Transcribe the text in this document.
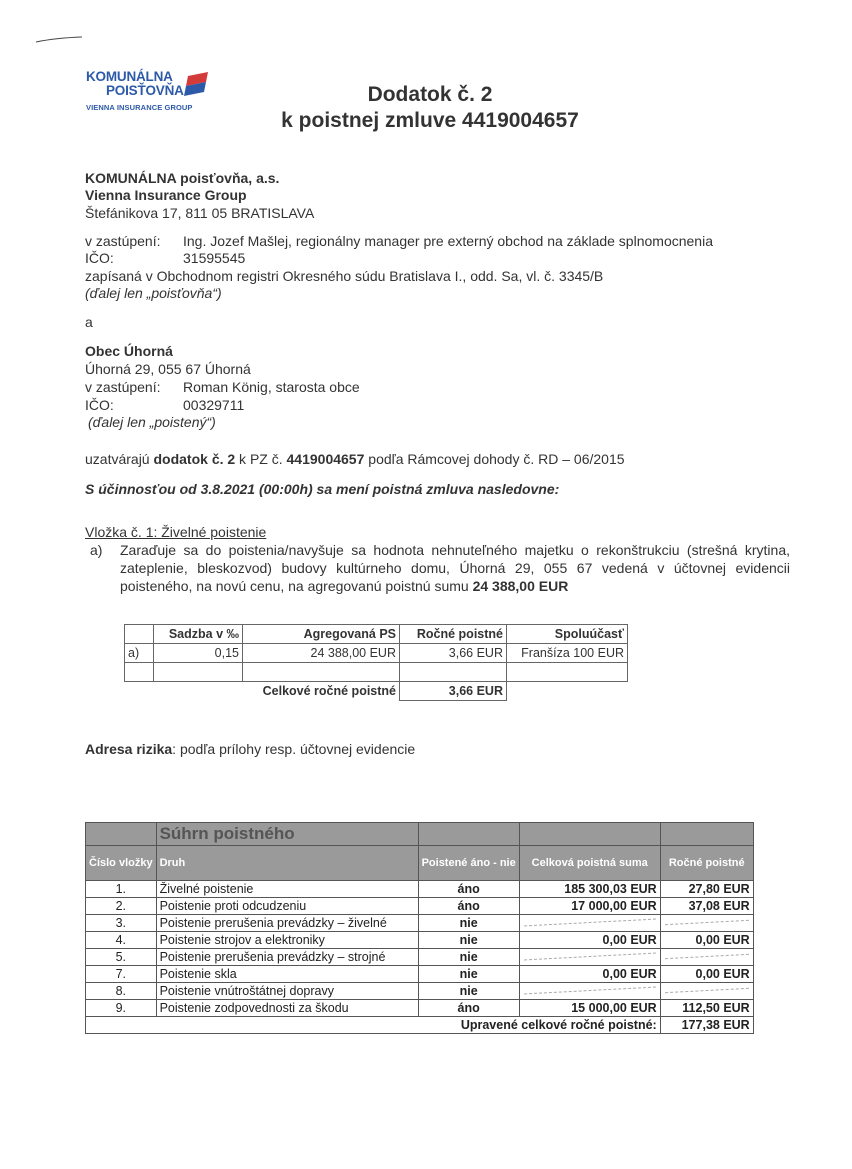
KOMUNÁLNA
POISŤOVŇA
VIENNA INSURANCE GROUP
Dodatok č. 2
k poistnej zmluve 4419004657
KOMUNÁLNA poisťovňa, a.s.
Vienna Insurance Group
Štefánikova 17, 811 05 BRATISLAVA
v zastúpení: Ing. Jozef Mašlej, regionálny manager pre externý obchod na základe splnomocnenia
IČO:	31595545
zapísaná v Obchodnom registri Okresného súdu Bratislava I., odd. Sa, vl. č. 3345/B
(ďalej len „poisťovňa“)
a
Obec Úhorná
Úhorná 29, 055 67 Úhorná
v zastúpení: Roman König, starosta obce
IČO:	00329711
(ďalej len „poistený“)
uzatvárajú dodatok č. 2 k PZ č. 4419004657 podľa Rámcovej dohody č. RD – 06/2015
S účinnosťou od 3.8.2021 (00:00h) sa mení poistná zmluva nasledovne:
Vložka č. 1: Živelné poistenie
a)	Zaraďuje sa do poistenia/navyšuje sa hodnota nehnuteľného majetku o rekonštrukciu (strešná krytina, zateplenie, bleskozvod) budovy kultúrneho domu, Úhorná 29, 055 67 vedená v účtovnej evidencii poisteného, na novú cenu, na agregovanú poistnú sumu 24 388,00 EUR
	Sadzba v ‰	Agregovaná PS	Ročné poistné	Spoluúčasť
a)	0,15	24 388,00 EUR	3,66 EUR	Franšíza 100 EUR

		Celkové ročné poistné	3,66 EUR	
Adresa rizika: podľa prílohy resp. účtovnej evidencie
	Súhrn poistného			
Číslo vložky	Druh	Poistené áno - nie	Celková poistná suma	Ročné poistné
1.	Živelné poistenie	áno	185 300,03 EUR	27,80 EUR
2.	Poistenie proti odcudzeniu	áno	17 000,00 EUR	37,08 EUR
3.	Poistenie prerušenia prevádzky – živelné	nie		
4.	Poistenie strojov a elektroniky	nie	0,00 EUR	0,00 EUR
5.	Poistenie prerušenia prevádzky – strojné	nie		
7.	Poistenie skla	nie	0,00 EUR	0,00 EUR
8.	Poistenie vnútroštátnej dopravy	nie		
9.	Poistenie zodpovednosti za škodu	áno	15 000,00 EUR	112,50 EUR
Upravené celkové ročné poistné:				177,38 EUR
